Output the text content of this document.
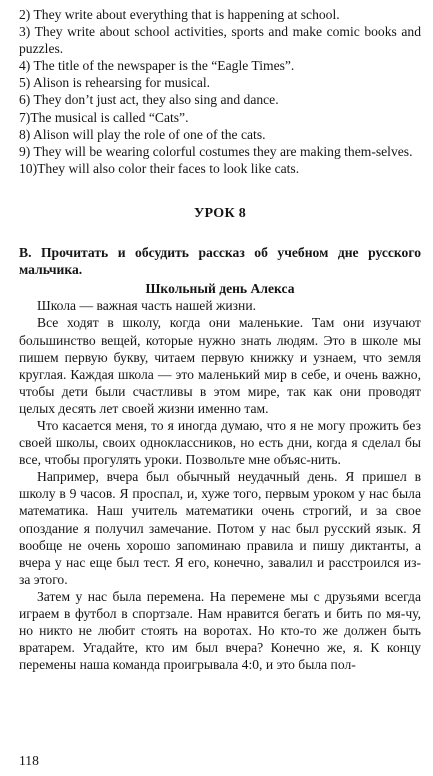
2) They write about everything that is happening at school.

3) They write about school activities, sports and make comic books and puzzles.

4) The title of the newspaper is the “Eagle Times”.

5) Alison is rehearsing for musical.

6) They don’t just act, they also sing and dance.

7)The musical is called “Cats”.

8) Alison will play the role of one of the cats.

9) They will be wearing colorful costumes they are making them-selves.

10)They will also color their faces to look like cats.

УРОК 8

В. Прочитать и обсудить рассказ об учебном дне русского мальчика.

Школьный день Алекса

Школа — важная часть нашей жизни.

Все ходят в школу, когда они маленькие. Там они изучают большинство вещей, которые нужно знать людям. Это в школе мы пишем первую букву, читаем первую книжку и узнаем, что земля круглая. Каждая школа — это маленький мир в себе, и очень важно, чтобы дети были счастливы в этом мире, так как они проводят целых десять лет своей жизни именно там.

Что касается меня, то я иногда думаю, что я не могу прожить без своей школы, своих одноклассников, но есть дни, когда я сделал бы все, чтобы прогулять уроки. Позвольте мне объяс-нить.

Например, вчера был обычный неудачный день. Я пришел в школу в 9 часов. Я проспал, и, хуже того, первым уроком у нас была математика. Наш учитель математики очень строгий, и за свое опоздание я получил замечание. Потом у нас был русский язык. Я вообще не очень хорошо запоминаю правила и пишу диктанты, а вчера у нас еще был тест. Я его, конечно, завалил и расстроился из-за этого.

Затем у нас была перемена. На перемене мы с друзьями всегда играем в футбол в спортзале. Нам нравится бегать и бить по мя-чу, но никто не любит стоять на воротах. Но кто-то же должен быть вратарем. Угадайте, кто им был вчера? Конечно же, я. К концу перемены наша команда проигрывала 4:0, и это была пол-

118
